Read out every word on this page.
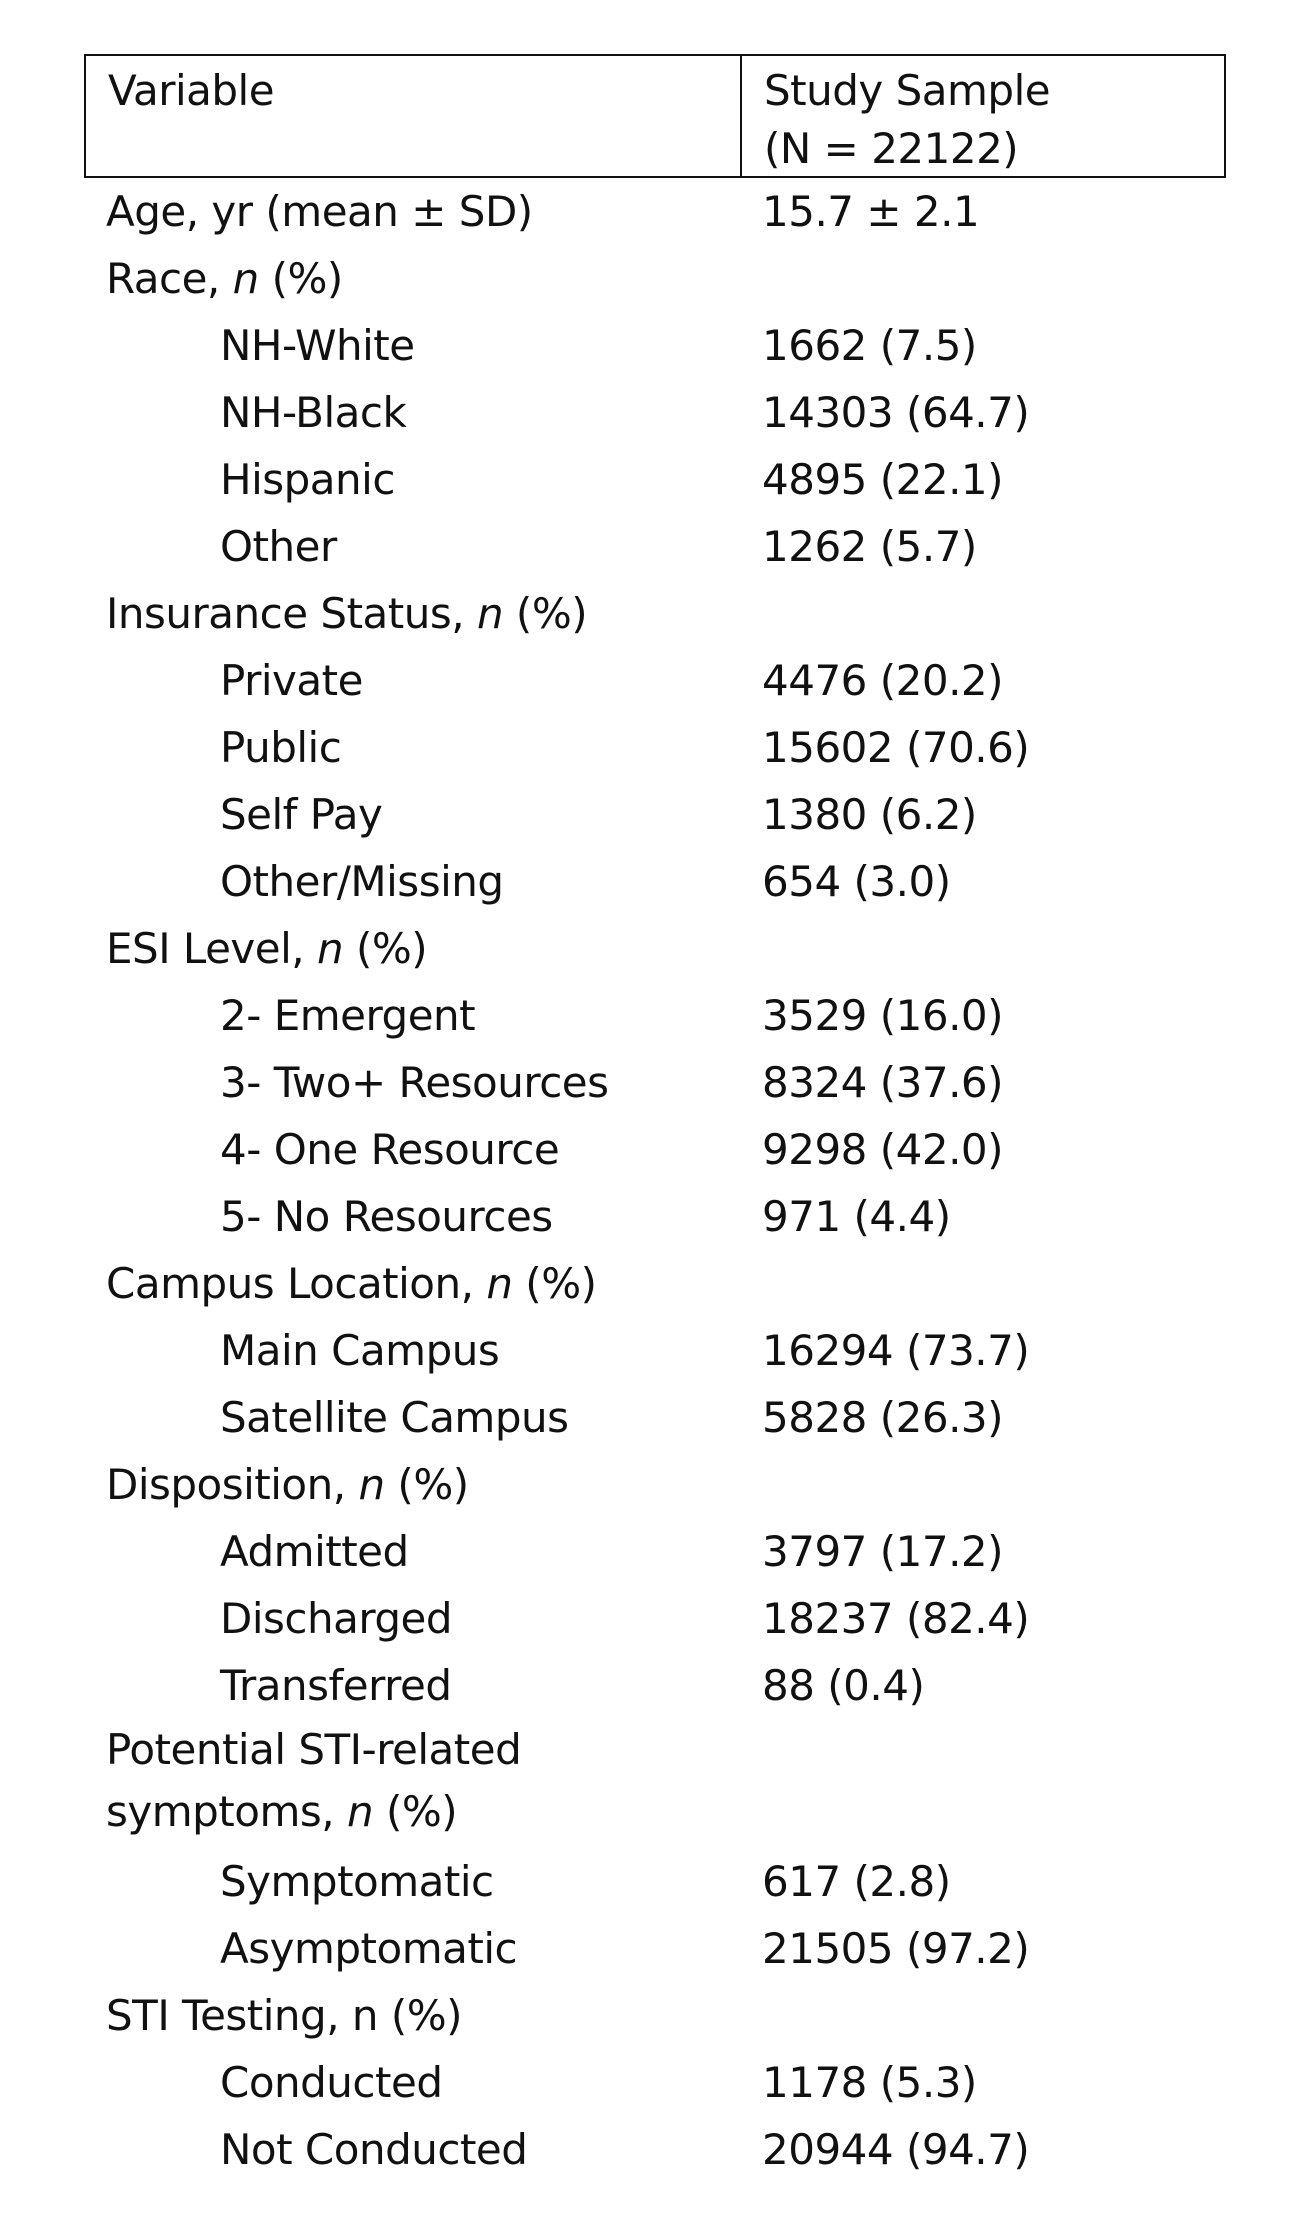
Variable	Study Sample
(N = 22122)
Age, yr (mean ± SD)	15.7 ± 2.1
Race, n (%)
NH-White	1662 (7.5)
NH-Black	14303 (64.7)
Hispanic	4895 (22.1)
Other	1262 (5.7)
Insurance Status, n (%)
Private	4476 (20.2)
Public	15602 (70.6)
Self Pay	1380 (6.2)
Other/Missing	654 (3.0)
ESI Level, n (%)
2- Emergent	3529 (16.0)
3- Two+ Resources	8324 (37.6)
4- One Resource	9298 (42.0)
5- No Resources	971 (4.4)
Campus Location, n (%)
Main Campus	16294 (73.7)
Satellite Campus	5828 (26.3)
Disposition, n (%)
Admitted	3797 (17.2)
Discharged	18237 (82.4)
Transferred	88 (0.4)
Potential STI-related symptoms, n (%)
Symptomatic	617 (2.8)
Asymptomatic	21505 (97.2)
STI Testing, n (%)
Conducted	1178 (5.3)
Not Conducted	20944 (94.7)
